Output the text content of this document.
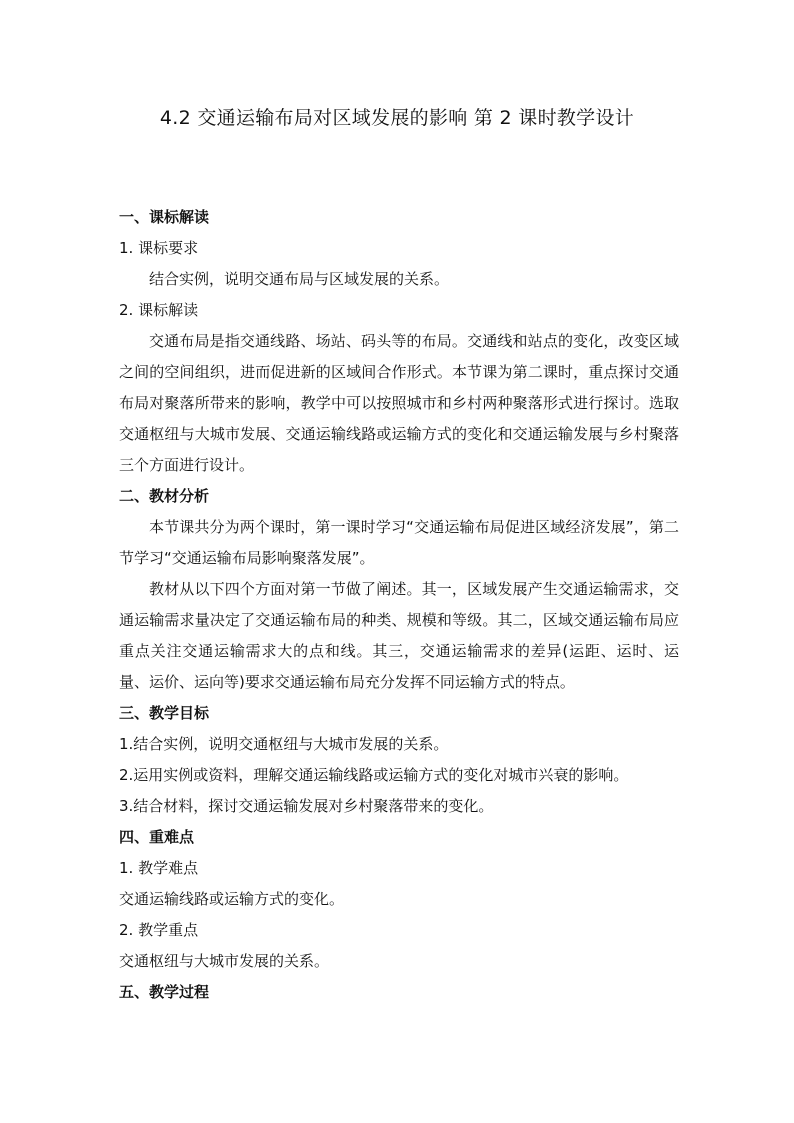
4.2 交通运输布局对区域发展的影响 第 2 课时教学设计

一、课标解读

1. 课标要求

结合实例，说明交通布局与区域发展的关系。

2. 课标解读

交通布局是指交通线路、场站、码头等的布局。交通线和站点的变化，改变区域之间的空间组织，进而促进新的区域间合作形式。本节课为第二课时，重点探讨交通布局对聚落所带来的影响，教学中可以按照城市和乡村两种聚落形式进行探讨。选取交通枢纽与大城市发展、交通运输线路或运输方式的变化和交通运输发展与乡村聚落三个方面进行设计。

二、教材分析

本节课共分为两个课时，第一课时学习“交通运输布局促进区域经济发展”，第二节学习“交通运输布局影响聚落发展”。

教材从以下四个方面对第一节做了阐述。其一，区域发展产生交通运输需求，交通运输需求量决定了交通运输布局的种类、规模和等级。其二，区域交通运输布局应重点关注交通运输需求大的点和线。其三，交通运输需求的差异(运距、运时、运量、运价、运向等)要求交通运输布局充分发挥不同运输方式的特点。

三、教学目标

1.结合实例，说明交通枢纽与大城市发展的关系。

2.运用实例或资料，理解交通运输线路或运输方式的变化对城市兴衰的影响。

3.结合材料，探讨交通运输发展对乡村聚落带来的变化。

四、重难点

1. 教学难点

交通运输线路或运输方式的变化。

2. 教学重点

交通枢纽与大城市发展的关系。

五、教学过程
